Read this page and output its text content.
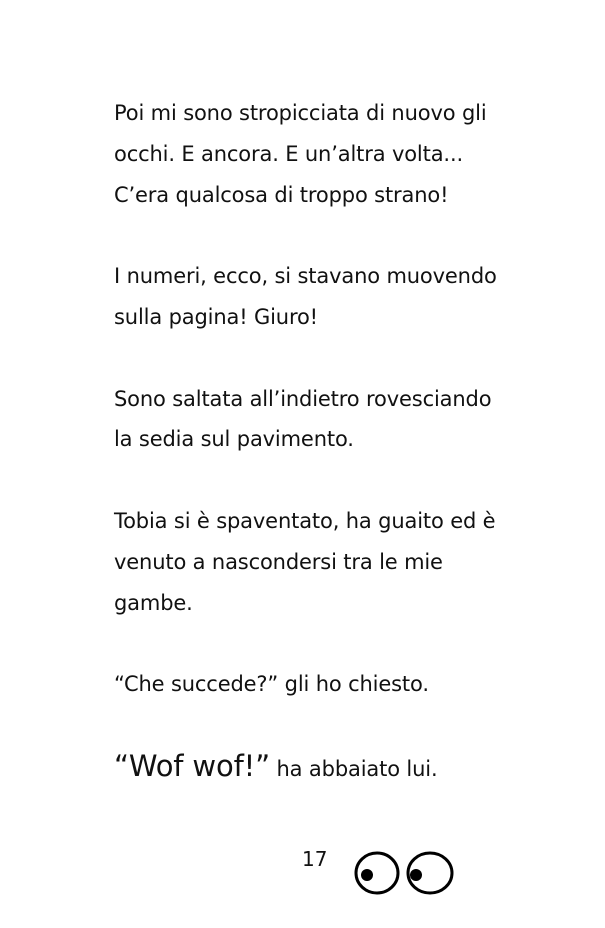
Poi mi sono stropicciata di nuovo gli
occhi. E ancora. E un’altra volta...
C’era qualcosa di troppo strano!

I numeri, ecco, si stavano muovendo
sulla pagina! Giuro!

Sono saltata all’indietro rovesciando
la sedia sul pavimento.

Tobia si è spaventato, ha guaito ed è
venuto a nascondersi tra le mie
gambe.

“Che succede?” gli ho chiesto.

“Wof wof!” ha abbaiato lui.

17
